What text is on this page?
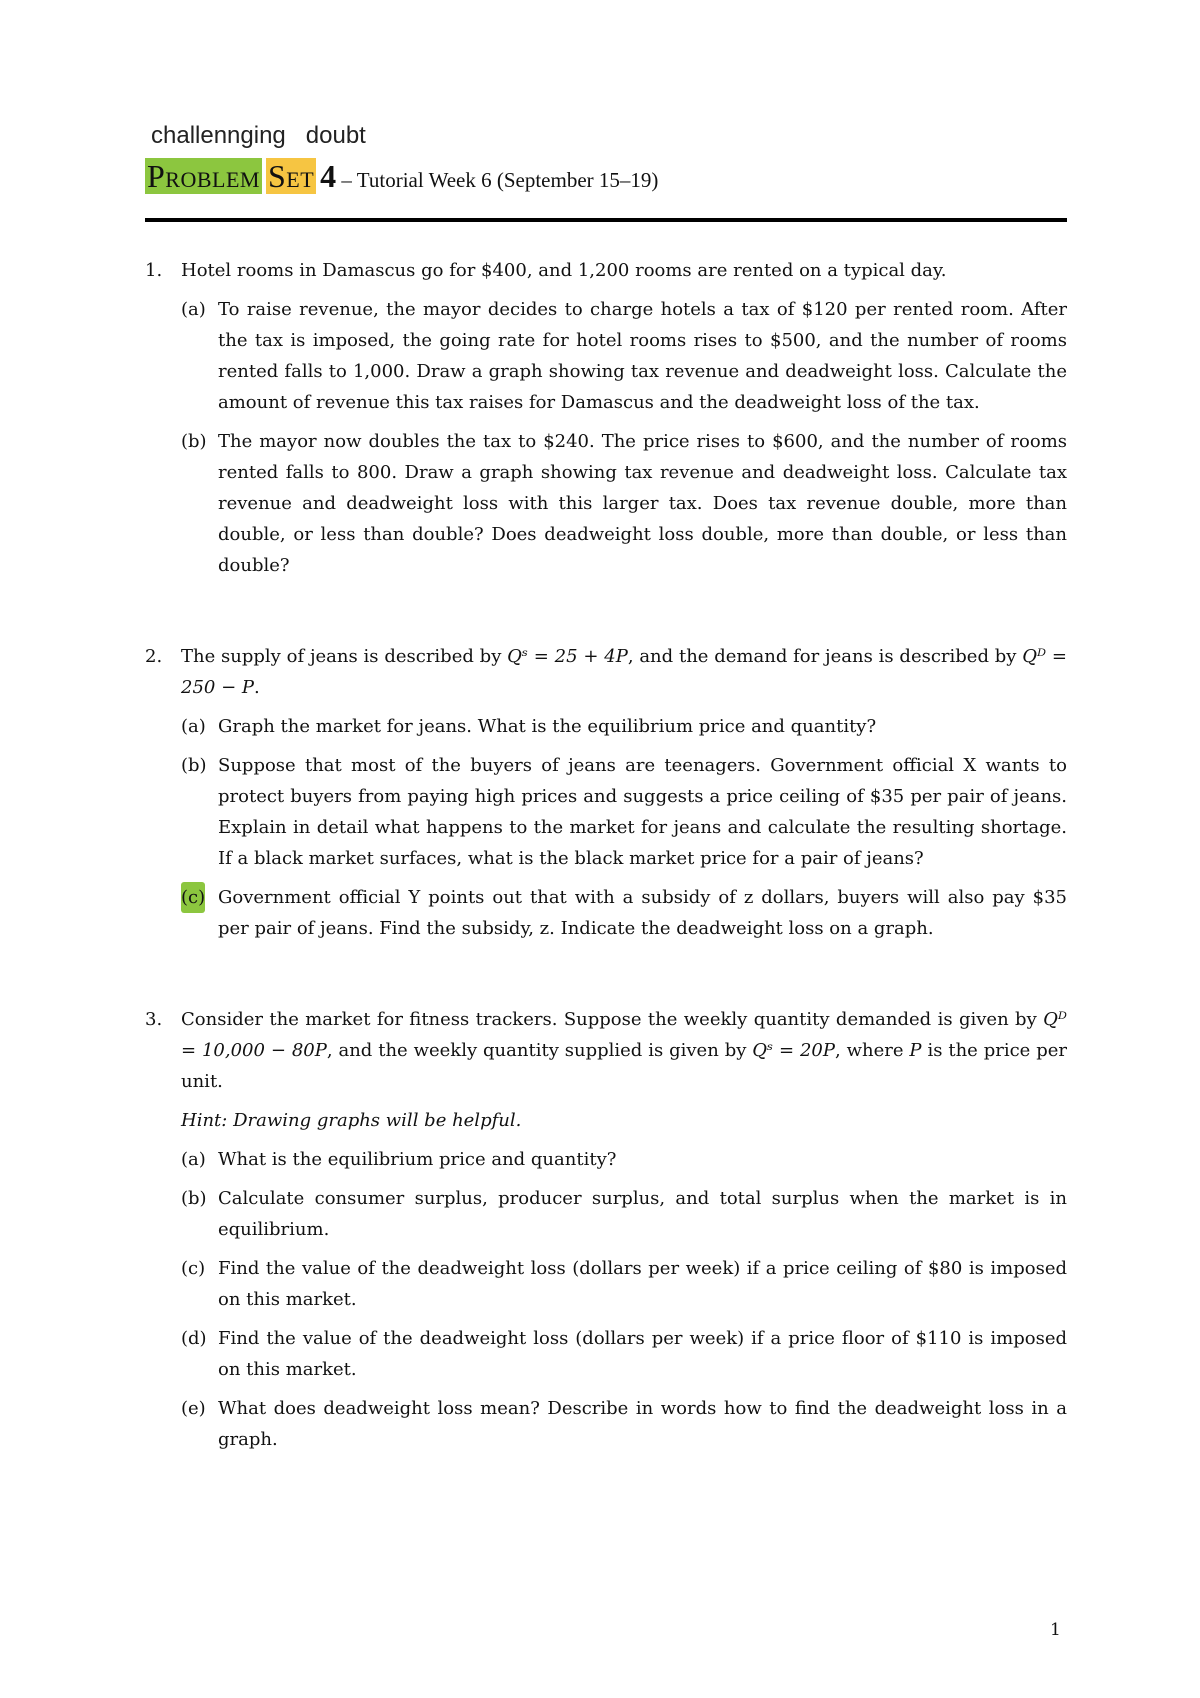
challennging   doubt
Problem Set 4 – Tutorial Week 6 (September 15–19)
1. Hotel rooms in Damascus go for $400, and 1,200 rooms are rented on a typical day.
(a) To raise revenue, the mayor decides to charge hotels a tax of $120 per rented room. After the tax is imposed, the going rate for hotel rooms rises to $500, and the number of rooms rented falls to 1,000. Draw a graph showing tax revenue and deadweight loss. Calculate the amount of revenue this tax raises for Damascus and the deadweight loss of the tax.
(b) The mayor now doubles the tax to $240. The price rises to $600, and the number of rooms rented falls to 800. Draw a graph showing tax revenue and deadweight loss. Calculate tax revenue and deadweight loss with this larger tax. Does tax revenue double, more than double, or less than double? Does deadweight loss double, more than double, or less than double?
2. The supply of jeans is described by Qˢ = 25 + 4P, and the demand for jeans is described by Qᴰ = 250 − P.
(a) Graph the market for jeans. What is the equilibrium price and quantity?
(b) Suppose that most of the buyers of jeans are teenagers. Government official X wants to protect buyers from paying high prices and suggests a price ceiling of $35 per pair of jeans. Explain in detail what happens to the market for jeans and calculate the resulting shortage. If a black market surfaces, what is the black market price for a pair of jeans?
(c) Government official Y points out that with a subsidy of z dollars, buyers will also pay $35 per pair of jeans. Find the subsidy, z. Indicate the deadweight loss on a graph.
3. Consider the market for fitness trackers. Suppose the weekly quantity demanded is given by Qᴰ = 10,000 − 80P, and the weekly quantity supplied is given by Qˢ = 20P, where P is the price per unit.
Hint: Drawing graphs will be helpful.
(a) What is the equilibrium price and quantity?
(b) Calculate consumer surplus, producer surplus, and total surplus when the market is in equilibrium.
(c) Find the value of the deadweight loss (dollars per week) if a price ceiling of $80 is imposed on this market.
(d) Find the value of the deadweight loss (dollars per week) if a price floor of $110 is imposed on this market.
(e) What does deadweight loss mean? Describe in words how to find the deadweight loss in a graph.
1
